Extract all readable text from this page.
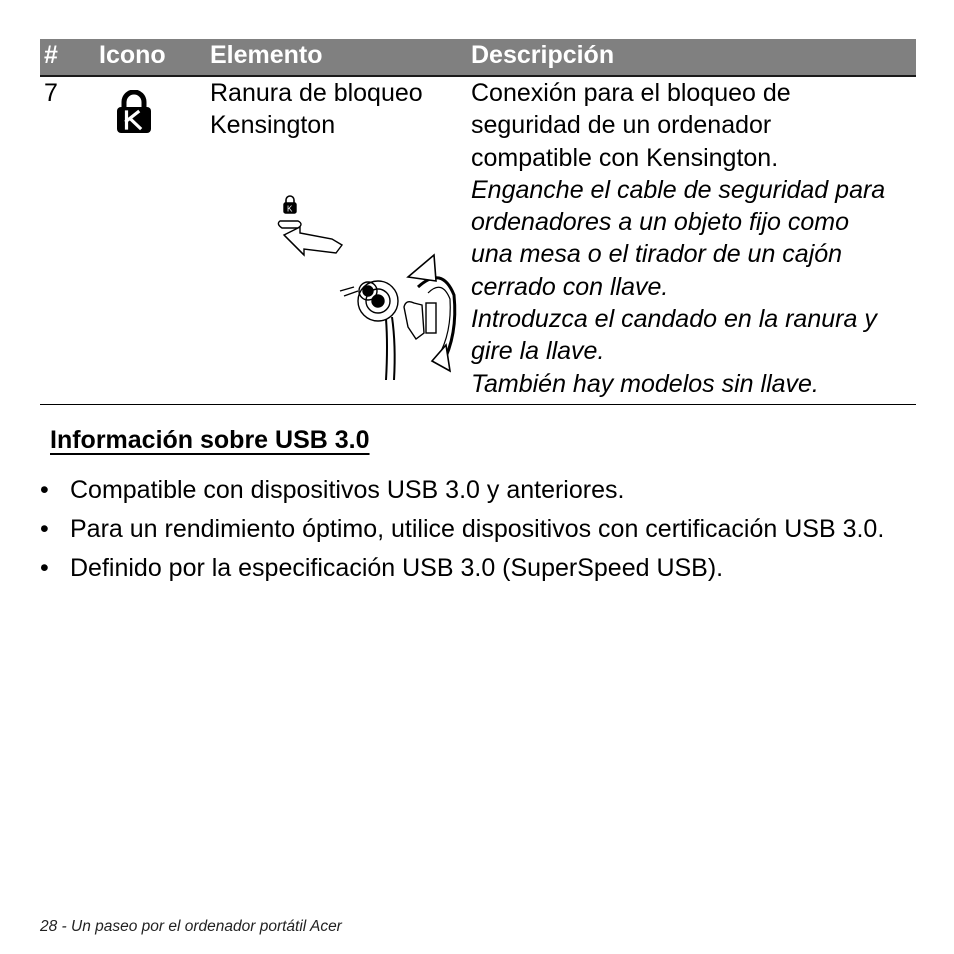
# Icono Elemento	Descripción
7	Ranura de bloqueo
Kensington
K
Conexión para el bloqueo de
seguridad de un ordenador
compatible con Kensington.
Enganche el cable de seguridad para
ordenadores a un objeto fijo como
una mesa o el tirador de un cajón
cerrado con llave.
Introduzca el candado en la ranura y
gire la llave.
También hay modelos sin llave.
Información sobre USB 3.0
• Compatible con dispositivos USB 3.0 y anteriores.
• Para un rendimiento óptimo, utilice dispositivos con certificación USB 3.0.
• Definido por la especificación USB 3.0 (SuperSpeed USB).
28 - Un paseo por el ordenador portátil Acer
